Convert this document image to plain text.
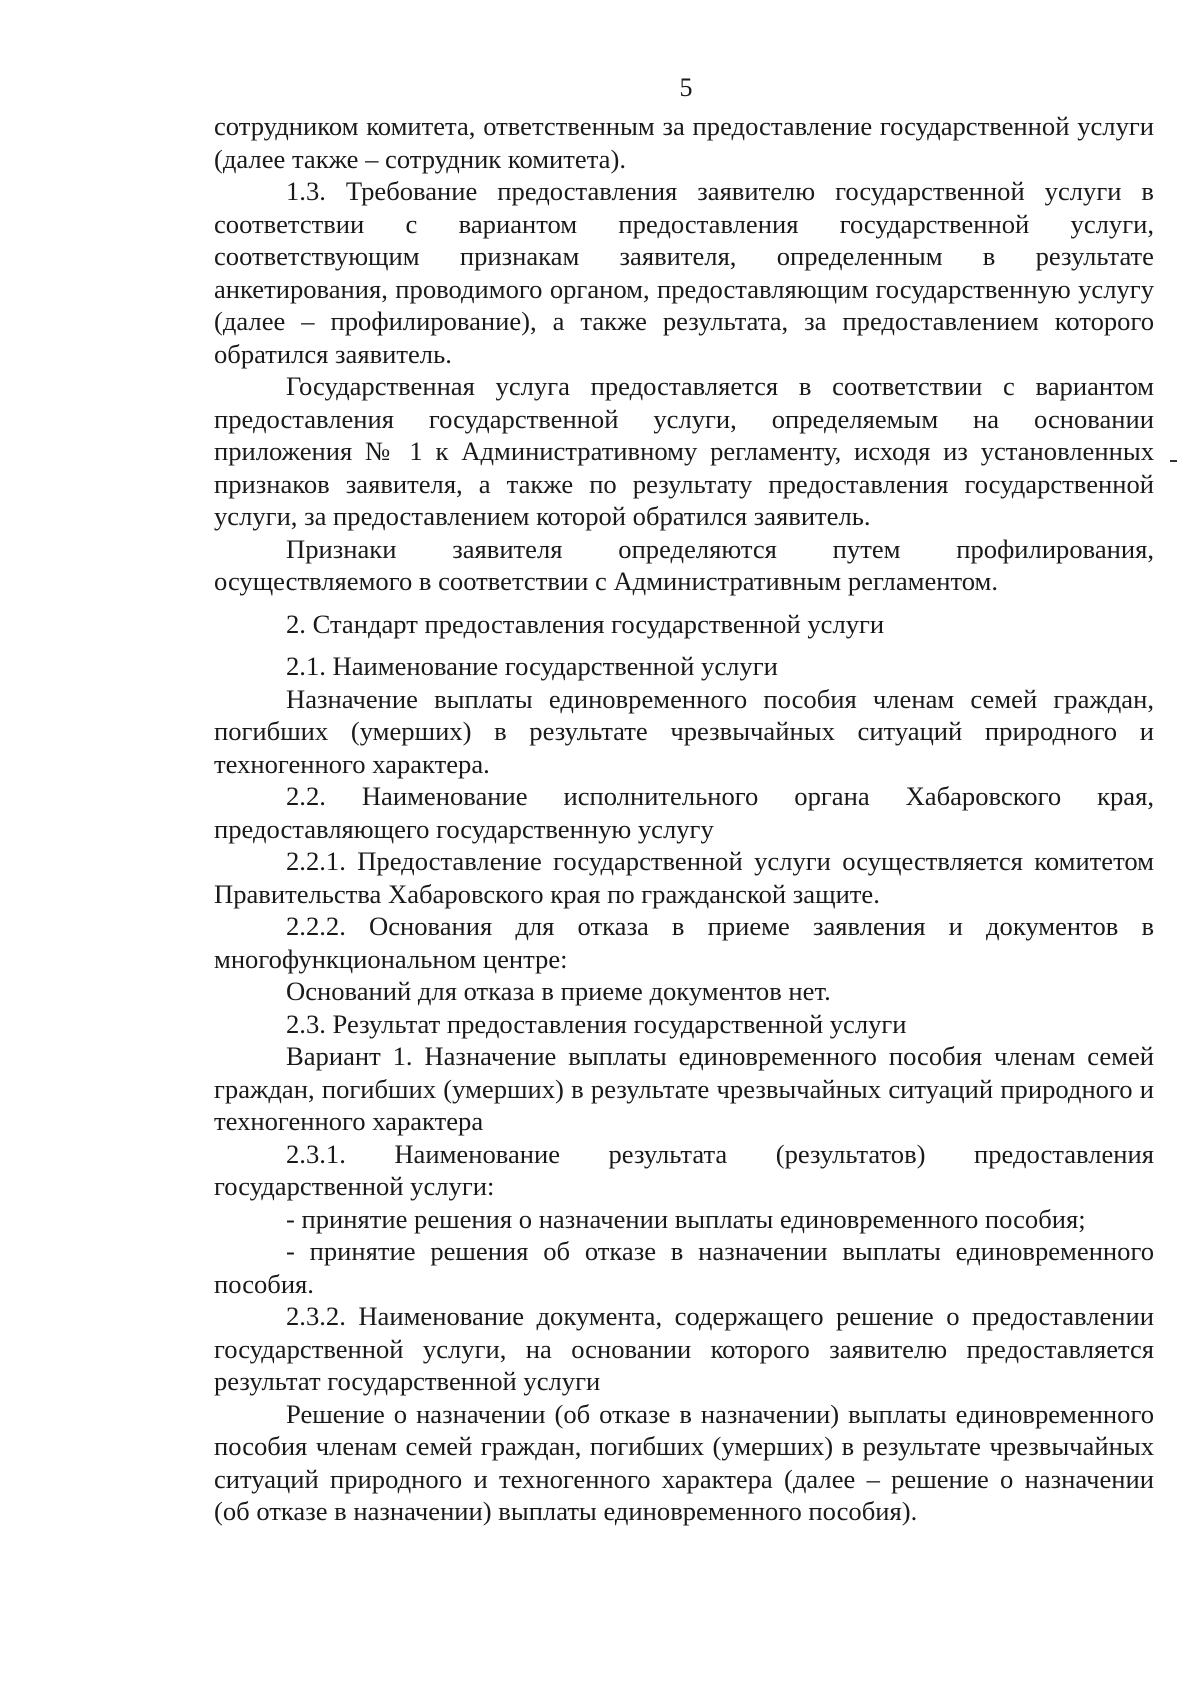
5

сотрудником комитета, ответственным за предоставление государственной услуги (далее также – сотрудник комитета).

1.3. Требование предоставления заявителю государственной услуги в соответствии с вариантом предоставления государственной услуги, соответствующим признакам заявителя, определенным в результате анкетирования, проводимого органом, предоставляющим государственную услугу (далее – профилирование), а также результата, за предоставлением которого обратился заявитель.

Государственная услуга предоставляется в соответствии с вариантом предоставления государственной услуги, определяемым на основании приложения № 1 к Административному регламенту, исходя из установленных признаков заявителя, а также по результату предоставления государственной услуги, за предоставлением которой обратился заявитель.

Признаки заявителя определяются путем профилирования, осуществляемого в соответствии с Административным регламентом.

2. Стандарт предоставления государственной услуги

2.1. Наименование государственной услуги

Назначение выплаты единовременного пособия членам семей граждан, погибших (умерших) в результате чрезвычайных ситуаций природного и техногенного характера.

2.2. Наименование исполнительного органа Хабаровского края, предоставляющего государственную услугу

2.2.1. Предоставление государственной услуги осуществляется комитетом Правительства Хабаровского края по гражданской защите.

2.2.2. Основания для отказа в приеме заявления и документов в многофункциональном центре:

Оснований для отказа в приеме документов нет.

2.3. Результат предоставления государственной услуги

Вариант 1. Назначение выплаты единовременного пособия членам семей граждан, погибших (умерших) в результате чрезвычайных ситуаций природного и техногенного характера

2.3.1. Наименование результата (результатов) предоставления государственной услуги:

- принятие решения о назначении выплаты единовременного пособия;

- принятие решения об отказе в назначении выплаты единовременного пособия.

2.3.2. Наименование документа, содержащего решение о предоставлении государственной услуги, на основании которого заявителю предоставляется результат государственной услуги

Решение о назначении (об отказе в назначении) выплаты единовременного пособия членам семей граждан, погибших (умерших) в результате чрезвычайных ситуаций природного и техногенного характера (далее – решение о назначении (об отказе в назначении) выплаты единовременного пособия).
